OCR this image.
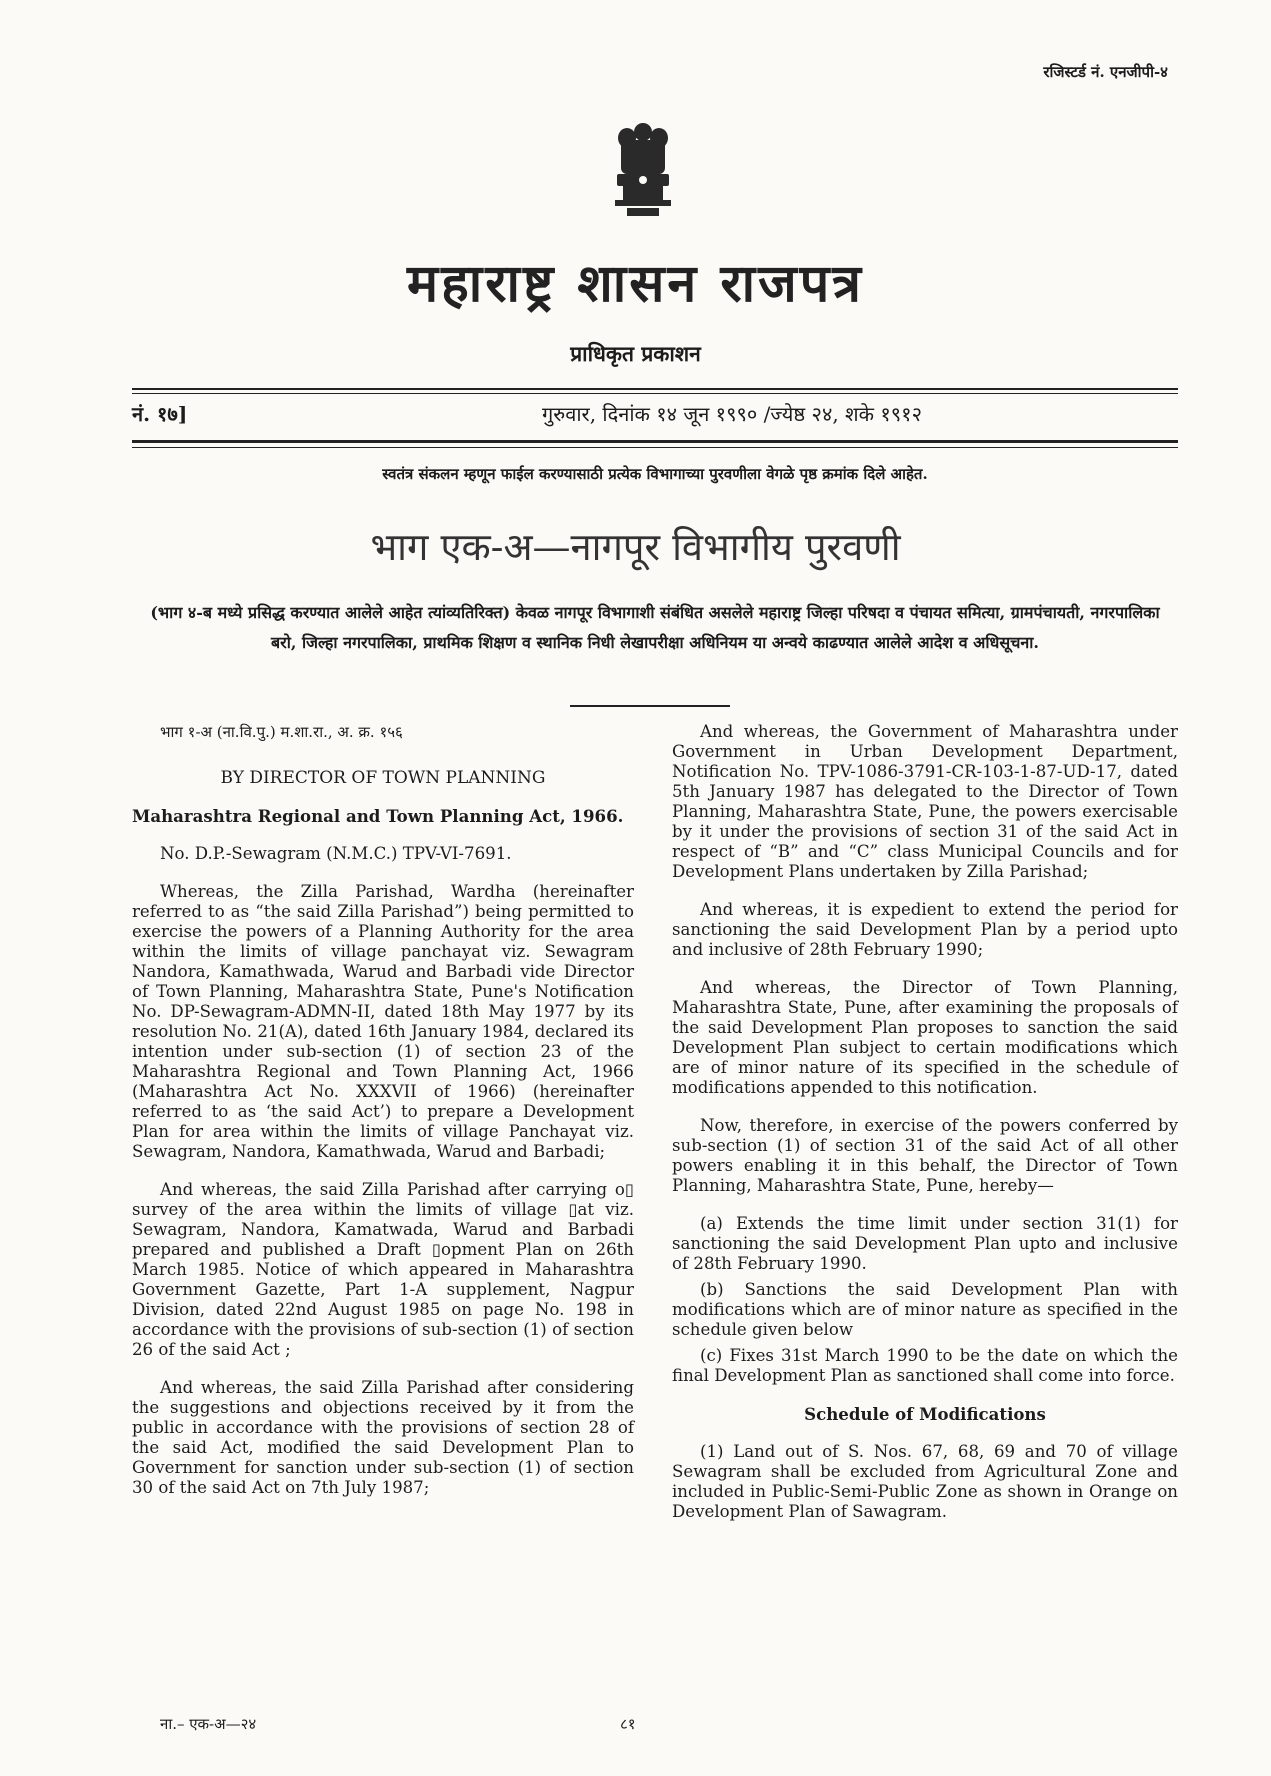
रजिस्टर्ड नं. एनजीपी-४
महाराष्ट्र शासन राजपत्र
प्राधिकृत प्रकाशन
नं. १७]	गुरुवार, दिनांक १४ जून १९९० /ज्येष्ठ २४, शके १९१२
स्वतंत्र संकलन म्हणून फाईल करण्यासाठी प्रत्येक विभागाच्या पुरवणीला वेगळे पृष्ठ क्रमांक दिले आहेत.
भाग एक-अ—नागपूर विभागीय पुरवणी
(भाग ४-ब मध्ये प्रसिद्ध करण्यात आलेले आहेत त्यांव्यतिरिक्त) केवळ नागपूर विभागाशी संबंधित असलेले महाराष्ट्र जिल्हा परिषदा व पंचायत समित्या, ग्रामपंचायती, नगरपालिका बरो, जिल्हा नगरपालिका, प्राथमिक शिक्षण व स्थानिक निधी लेखापरीक्षा अधिनियम या अन्वये काढण्यात आलेले आदेश व अधिसूचना.

भाग १-अ (ना.वि.पु.) म.शा.रा., अ. क्र. १५६

BY DIRECTOR OF TOWN PLANNING

Maharashtra Regional and Town Planning Act, 1966.

No. D.P.-Sewagram (N.M.C.) TPV-VI-7691.

Whereas, the Zilla Parishad, Wardha (hereinafter referred to as “the said Zilla Parishad”) being permitted to exercise the powers of a Planning Authority for the area within the limits of village panchayat viz. Sewagram Nandora, Kamathwada, Warud and Barbadi vide Director of Town Planning, Maharashtra State, Pune's Notification No. DP-Sewagram-ADMN-II, dated 18th May 1977 by its resolution No. 21(A), dated 16th January 1984, declared its intention under sub-section (1) of section 23 of the Maharashtra Regional and Town Planning Act, 1966 (Maharashtra Act No. XXXVII of 1966) (hereinafter referred to as ‘the said Act’) to prepare a Development Plan for area within the limits of village Panchayat viz. Sewagram, Nandora, Kamathwada, Warud and Barbadi;

And whereas, the said Zilla Parishad after carrying o▯ survey of the area within the limits of village ▯at viz. Sewagram, Nandora, Kamatwada, Warud and Barbadi prepared and published a Draft ▯opment Plan on 26th March 1985. Notice of which appeared in Maharashtra Government Gazette, Part 1-A supplement, Nagpur Division, dated 22nd August 1985 on page No. 198 in accordance with the provisions of sub-section (1) of section 26 of the said Act ;

And whereas, the said Zilla Parishad after considering the suggestions and objections received by it from the public in accordance with the provisions of section 28 of the said Act, modified the said Development Plan to Government for sanction under sub-section (1) of section 30 of the said Act on 7th July 1987;

And whereas, the Government of Maharashtra under Government in Urban Development Department, Notification No. TPV-1086-3791-CR-103-1-87-UD-17, dated 5th January 1987 has delegated to the Director of Town Planning, Maharashtra State, Pune, the powers exercisable by it under the provisions of section 31 of the said Act in respect of “B” and “C” class Municipal Councils and for Development Plans undertaken by Zilla Parishad;

And whereas, it is expedient to extend the period for sanctioning the said Development Plan by a period upto and inclusive of 28th February 1990;

And whereas, the Director of Town Planning, Maharashtra State, Pune, after examining the proposals of the said Development Plan proposes to sanction the said Development Plan subject to certain modifications which are of minor nature of its specified in the schedule of modifications appended to this notification.

Now, therefore, in exercise of the powers conferred by sub-section (1) of section 31 of the said Act of all other powers enabling it in this behalf, the Director of Town Planning, Maharashtra State, Pune, hereby—

(a) Extends the time limit under section 31(1) for sanctioning the said Development Plan upto and inclusive of 28th February 1990.

(b) Sanctions the said Development Plan with modifications which are of minor nature as specified in the schedule given below

(c) Fixes 31st March 1990 to be the date on which the final Development Plan as sanctioned shall come into force.

Schedule of Modifications

(1) Land out of S. Nos. 67, 68, 69 and 70 of village Sewagram shall be excluded from Agricultural Zone and included in Public-Semi-Public Zone as shown in Orange on Development Plan of Sawagram.

ना.– एक-अ—२४	८१
